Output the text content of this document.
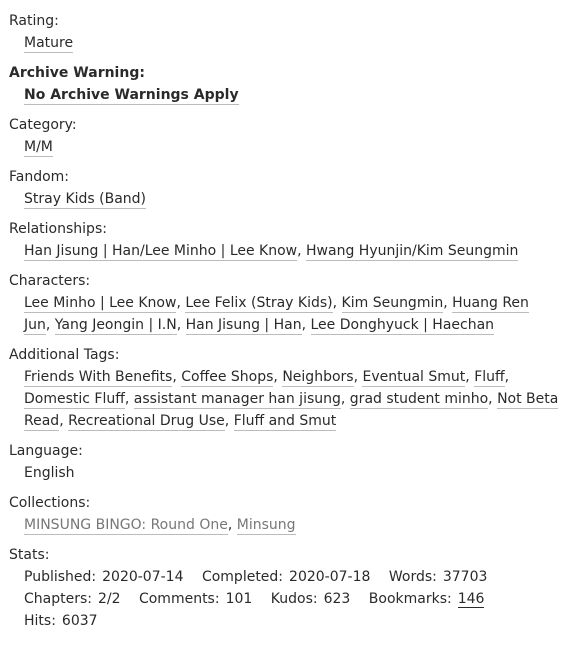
Rating:
Mature
Archive Warning:
No Archive Warnings Apply
Category:
M/M
Fandom:
Stray Kids (Band)
Relationships:
Han Jisung | Han/Lee Minho | Lee Know, Hwang Hyunjin/Kim Seungmin
Characters:
Lee Minho | Lee Know, Lee Felix (Stray Kids), Kim Seungmin, Huang Ren Jun, Yang Jeongin | I.N, Han Jisung | Han, Lee Donghyuck | Haechan
Additional Tags:
Friends With Benefits, Coffee Shops, Neighbors, Eventual Smut, Fluff, Domestic Fluff, assistant manager han jisung, grad student minho, Not Beta Read, Recreational Drug Use, Fluff and Smut
Language:
English
Collections:
MINSUNG BINGO: Round One, Minsung
Stats:
Published: 2020-07-14 Completed: 2020-07-18 Words: 37703
Chapters: 2/2 Comments: 101 Kudos: 623 Bookmarks: 146
Hits: 6037
